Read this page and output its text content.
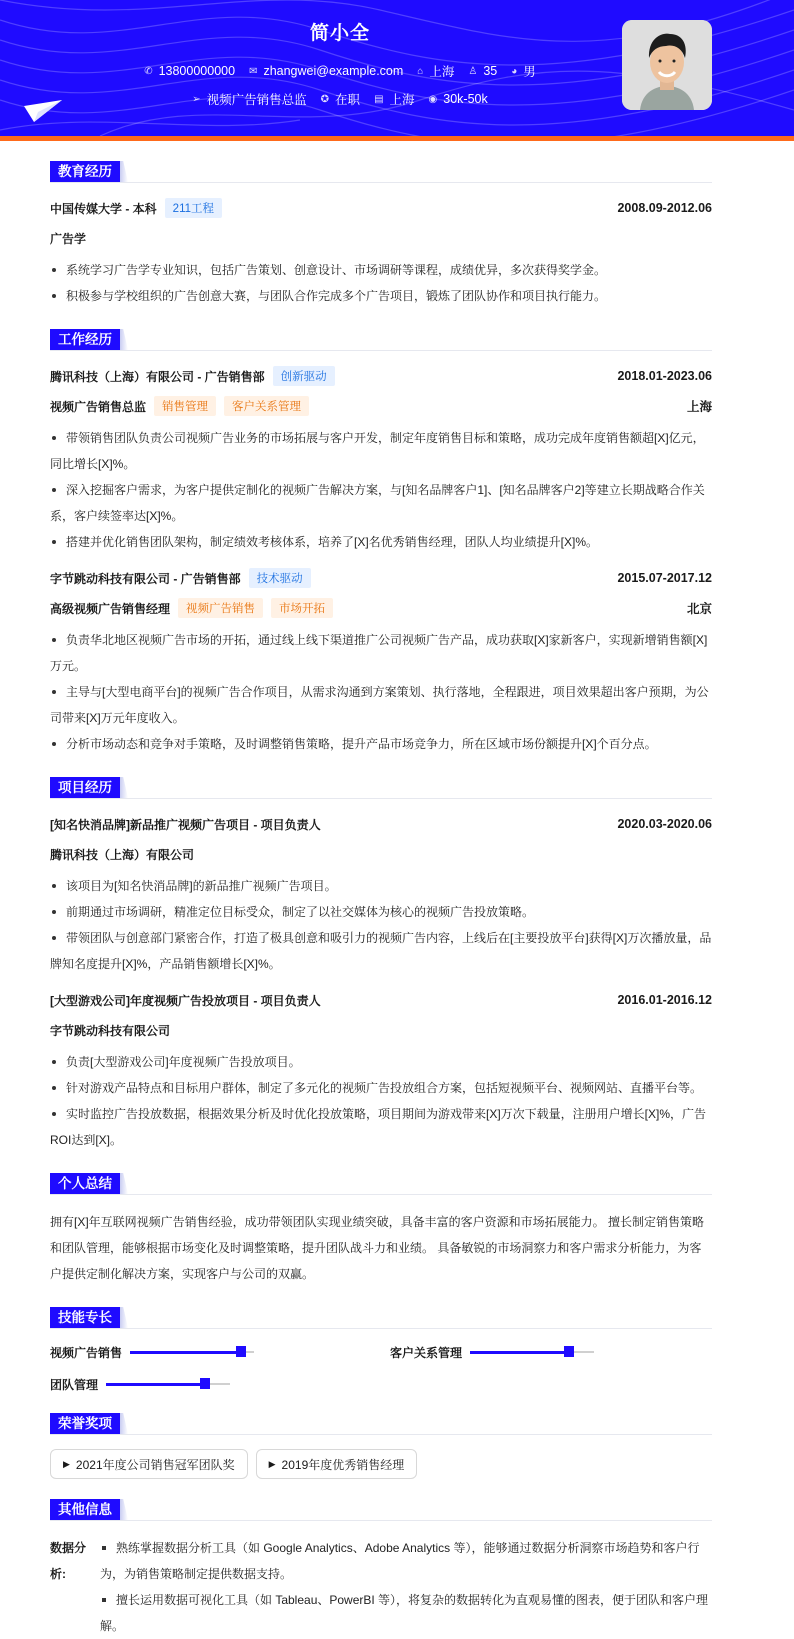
简小全
✆ 13800000000 ✉ zhangwei@example.com ⌂ 上海 ♙ 35 ◕ 男
➢ 视频广告销售总监 ✪ 在职 ▤ 上海 ◉ 30k-50k
教育经历
中国传媒大学 - 本科	211工程	2008.09-2012.06
广告学
系统学习广告学专业知识，包括广告策划、创意设计、市场调研等课程，成绩优异，多次获得奖学金。
积极参与学校组织的广告创意大赛，与团队合作完成多个广告项目，锻炼了团队协作和项目执行能力。
工作经历
腾讯科技（上海）有限公司 - 广告销售部	创新驱动	2018.01-2023.06
视频广告销售总监	销售管理	客户关系管理	上海
带领销售团队负责公司视频广告业务的市场拓展与客户开发，制定年度销售目标和策略，成功完成年度销售额超[X]亿元，同比增长[X]%。
深入挖掘客户需求，为客户提供定制化的视频广告解决方案，与[知名品牌客户1]、[知名品牌客户2]等建立长期战略合作关系，客户续签率达[X]%。
搭建并优化销售团队架构，制定绩效考核体系，培养了[X]名优秀销售经理，团队人均业绩提升[X]%。
字节跳动科技有限公司 - 广告销售部	技术驱动	2015.07-2017.12
高级视频广告销售经理	视频广告销售	市场开拓	北京
负责华北地区视频广告市场的开拓，通过线上线下渠道推广公司视频广告产品，成功获取[X]家新客户，实现新增销售额[X]万元。
主导与[大型电商平台]的视频广告合作项目，从需求沟通到方案策划、执行落地，全程跟进，项目效果超出客户预期，为公司带来[X]万元年度收入。
分析市场动态和竞争对手策略，及时调整销售策略，提升产品市场竞争力，所在区域市场份额提升[X]个百分点。
项目经历
[知名快消品牌]新品推广视频广告项目 - 项目负责人	2020.03-2020.06
腾讯科技（上海）有限公司
该项目为[知名快消品牌]的新品推广视频广告项目。
前期通过市场调研，精准定位目标受众，制定了以社交媒体为核心的视频广告投放策略。
带领团队与创意部门紧密合作，打造了极具创意和吸引力的视频广告内容，上线后在[主要投放平台]获得[X]万次播放量，品牌知名度提升[X]%，产品销售额增长[X]%。
[大型游戏公司]年度视频广告投放项目 - 项目负责人	2016.01-2016.12
字节跳动科技有限公司
负责[大型游戏公司]年度视频广告投放项目。
针对游戏产品特点和目标用户群体，制定了多元化的视频广告投放组合方案，包括短视频平台、视频网站、直播平台等。
实时监控广告投放数据，根据效果分析及时优化投放策略，项目期间为游戏带来[X]万次下载量，注册用户增长[X]%，广告ROI达到[X]。
个人总结

拥有[X]年互联网视频广告销售经验，成功带领团队实现业绩突破，具备丰富的客户资源和市场拓展能力。 擅长制定销售策略和团队管理，能够根据市场变化及时调整策略，提升团队战斗力和业绩。 具备敏锐的市场洞察力和客户需求分析能力，为客户提供定制化解决方案，实现客户与公司的双赢。

技能专长
视频广告销售	客户关系管理
团队管理
荣誉奖项
▶ 2021年度公司销售冠军团队奖	▶ 2019年度优秀销售经理
其他信息
数据分析:
熟练掌握数据分析工具（如 Google Analytics、Adobe Analytics 等），能够通过数据分析洞察市场趋势和客户行为，为销售策略制定提供数据支持。
擅长运用数据可视化工具（如 Tableau、PowerBI 等），将复杂的数据转化为直观易懂的图表，便于团队和客户理解。
